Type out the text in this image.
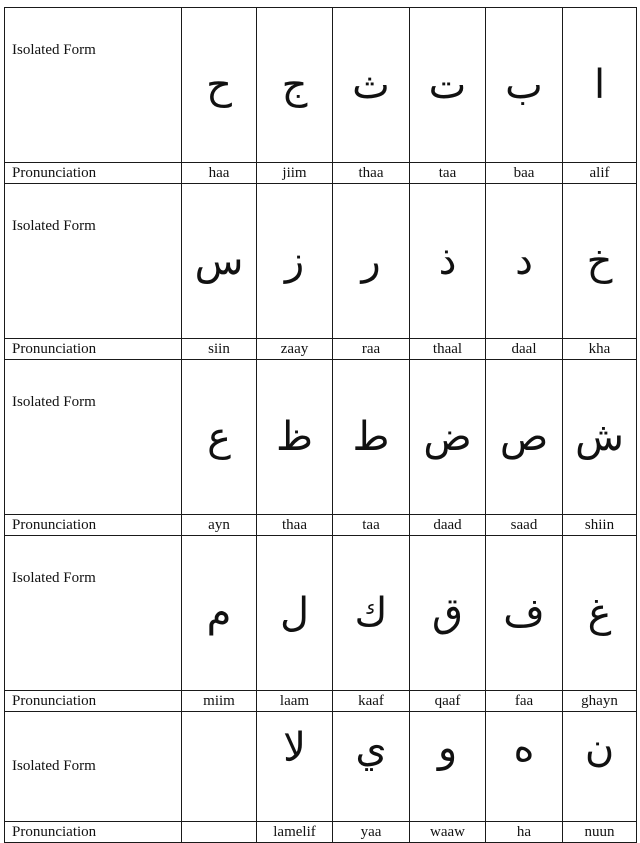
Isolated Form	ح	ج	ث	ت	ب	ا
Pronunciation	haa	jiim	thaa	taa	baa	alif
Isolated Form	س	ز	ر	ذ	د	خ
Pronunciation	siin	zaay	raa	thaal	daal	kha
Isolated Form	ع	ظ	ط	ض	ص	ش
Pronunciation	ayn	thaa	taa	daad	saad	shiin
Isolated Form	م	ل	ك	ق	ف	غ
Pronunciation	miim	laam	kaaf	qaaf	faa	ghayn
Isolated Form		لا	ي	و	ه	ن
Pronunciation		lamelif	yaa	waaw	ha	nuun
